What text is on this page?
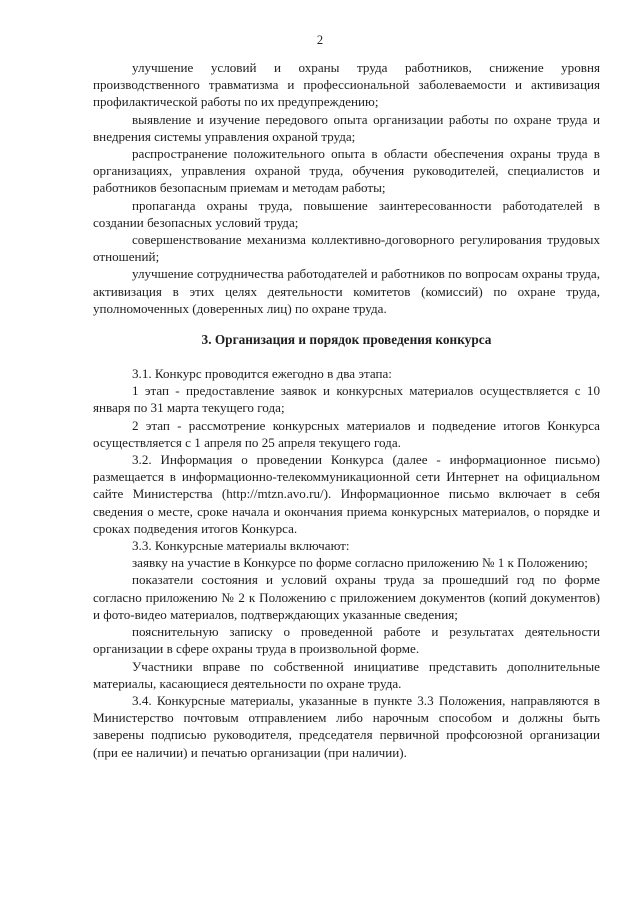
2

улучшение условий и охраны труда работников, снижение уровня производственного травматизма и профессиональной заболеваемости и активизация профилактической работы по их предупреждению;

выявление и изучение передового опыта организации работы по охране труда и внедрения системы управления охраной труда;

распространение положительного опыта в области обеспечения охраны труда в организациях, управления охраной труда, обучения руководителей, специалистов и работников безопасным приемам и методам работы;

пропаганда охраны труда, повышение заинтересованности работодателей в создании безопасных условий труда;

совершенствование механизма коллективно-договорного регулирования трудовых отношений;

улучшение сотрудничества работодателей и работников по вопросам охраны труда, активизация в этих целях деятельности комитетов (комиссий) по охране труда, уполномоченных (доверенных лиц) по охране труда.

3. Организация и порядок проведения конкурса

3.1. Конкурс проводится ежегодно в два этапа:

1 этап - предоставление заявок и конкурсных материалов осуществляется с 10 января по 31 марта текущего года;

2 этап - рассмотрение конкурсных материалов и подведение итогов Конкурса осуществляется с 1 апреля по 25 апреля текущего года.

3.2. Информация о проведении Конкурса (далее - информационное письмо) размещается в информационно-телекоммуникационной сети Интернет на официальном сайте Министерства (http://mtzn.avo.ru/). Информационное письмо включает в себя сведения о месте, сроке начала и окончания приема конкурсных материалов, о порядке и сроках подведения итогов Конкурса.

3.3. Конкурсные материалы включают:

заявку на участие в Конкурсе по форме согласно приложению № 1 к Положению;

показатели состояния и условий охраны труда за прошедший год по форме согласно приложению № 2 к Положению с приложением документов (копий документов) и фото-видео материалов, подтверждающих указанные сведения;

пояснительную записку о проведенной работе и результатах деятельности организации в сфере охраны труда в произвольной форме.

Участники вправе по собственной инициативе представить дополнительные материалы, касающиеся деятельности по охране труда.

3.4. Конкурсные материалы, указанные в пункте 3.3 Положения, направляются в Министерство почтовым отправлением либо нарочным способом и должны быть заверены подписью руководителя, председателя первичной профсоюзной организации (при ее наличии) и печатью организации (при наличии).
